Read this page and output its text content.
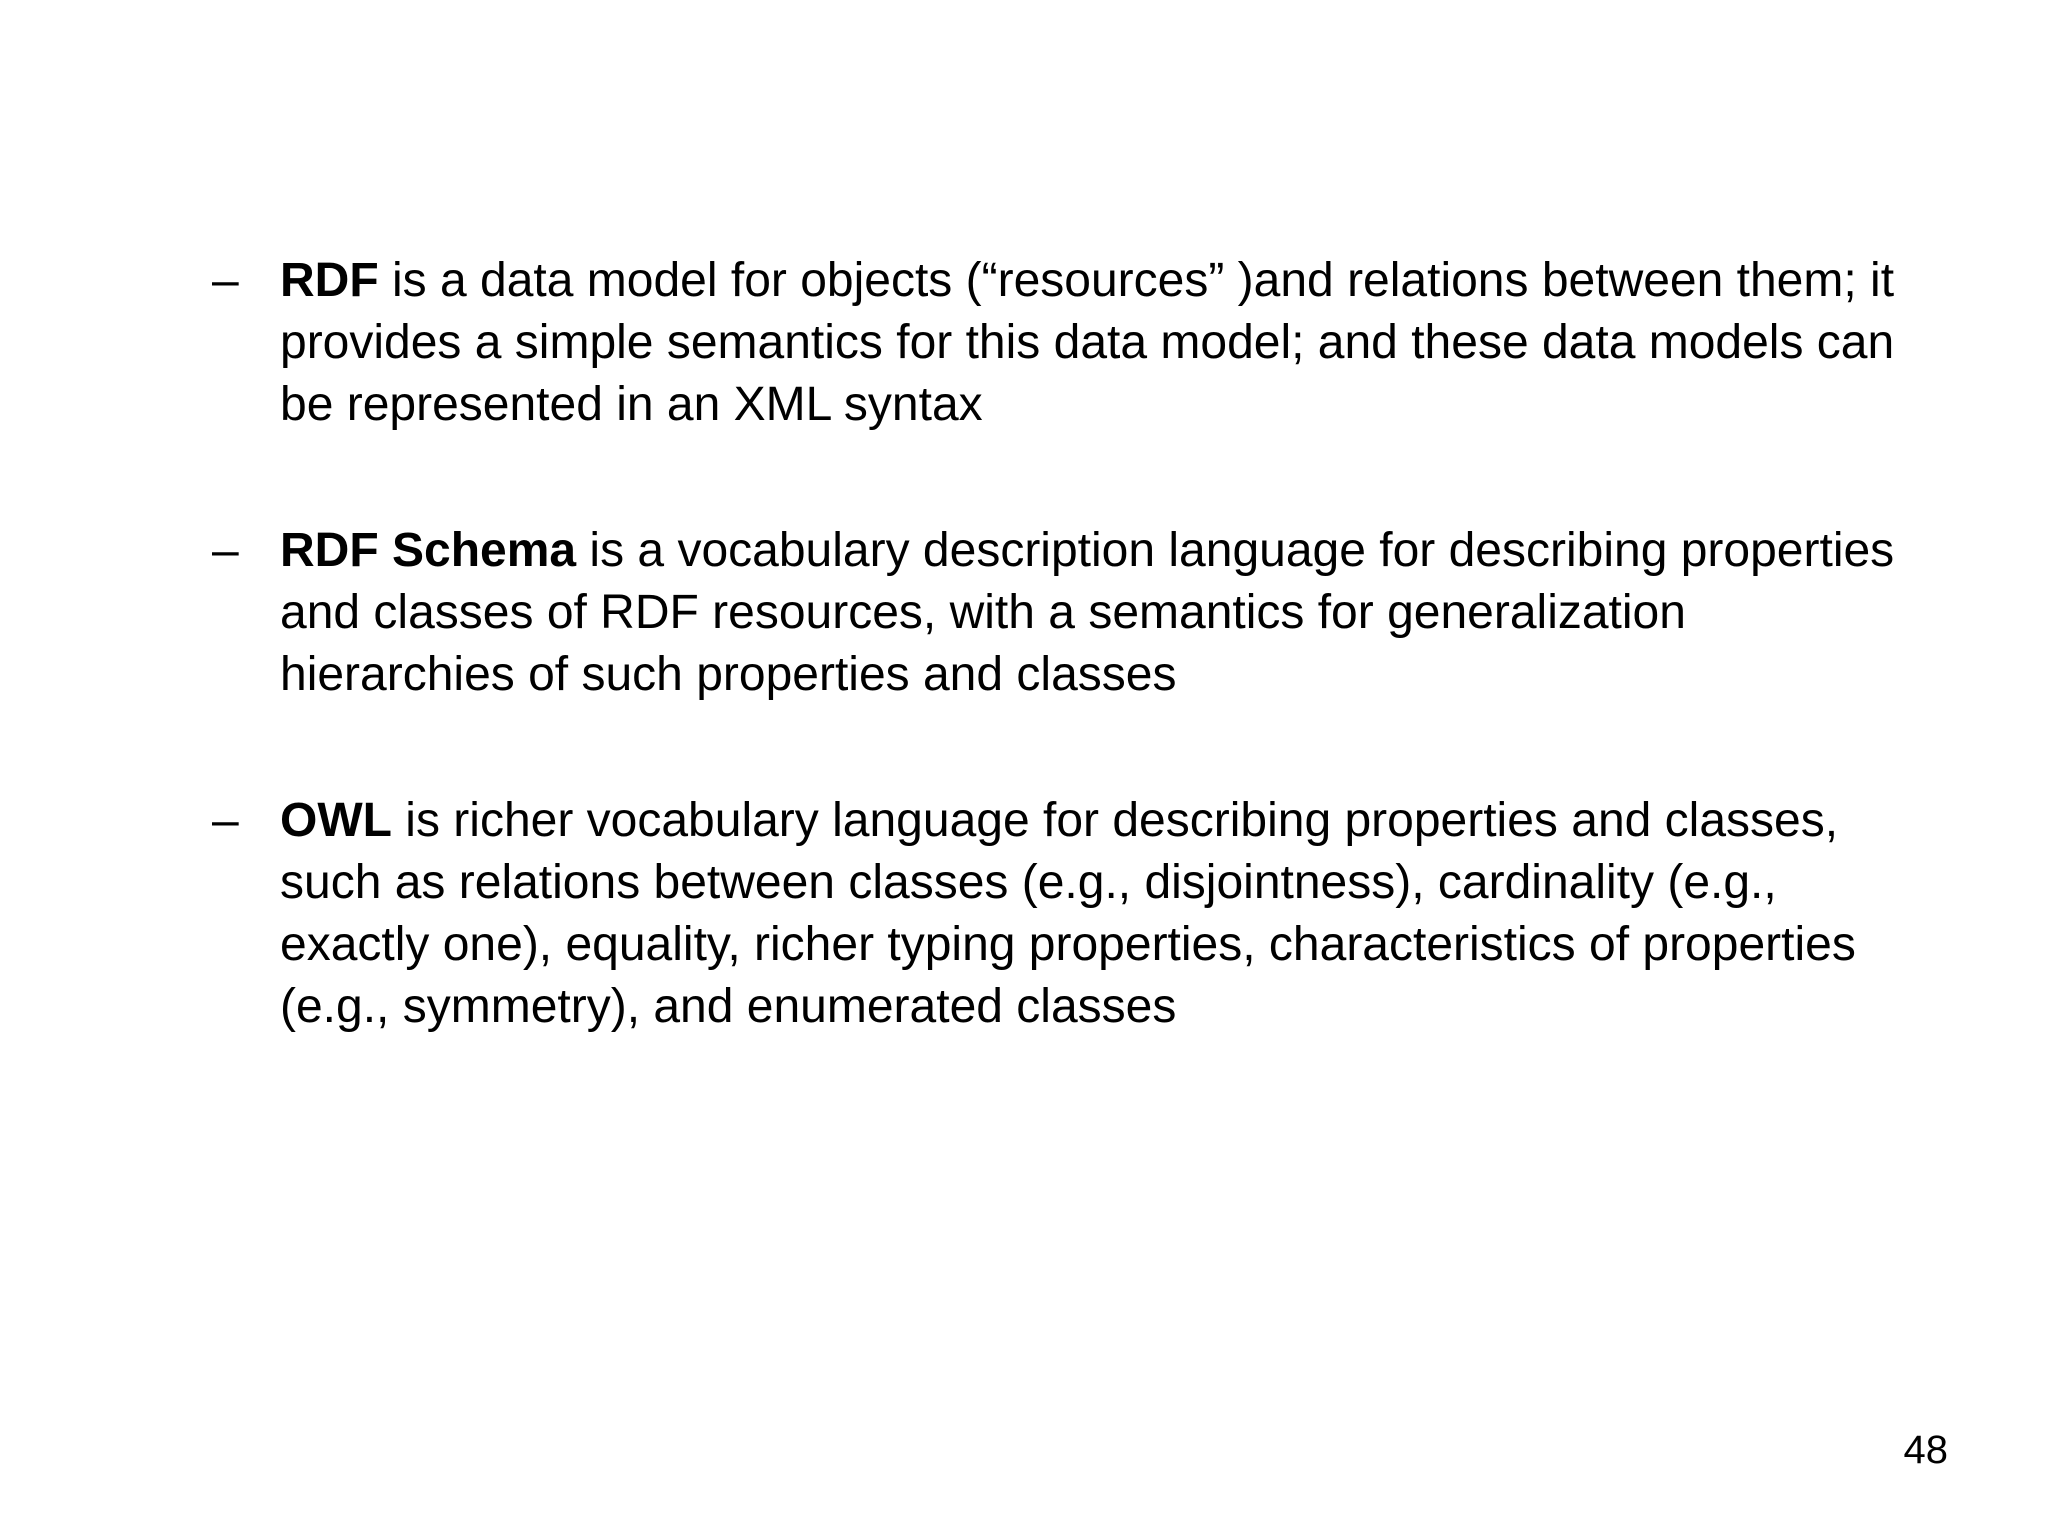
– RDF is a data model for objects (“resources” )and relations between them; it provides a simple semantics for this data model; and these data models can be represented in an XML syntax
– RDF Schema is a vocabulary description language for describing properties and classes of RDF resources, with a semantics for generalization hierarchies of such properties and classes
– OWL is richer vocabulary language for describing properties and classes, such as relations between classes (e.g., disjointness), cardinality (e.g., exactly one), equality, richer typing properties, characteristics of properties (e.g., symmetry), and enumerated classes
48
